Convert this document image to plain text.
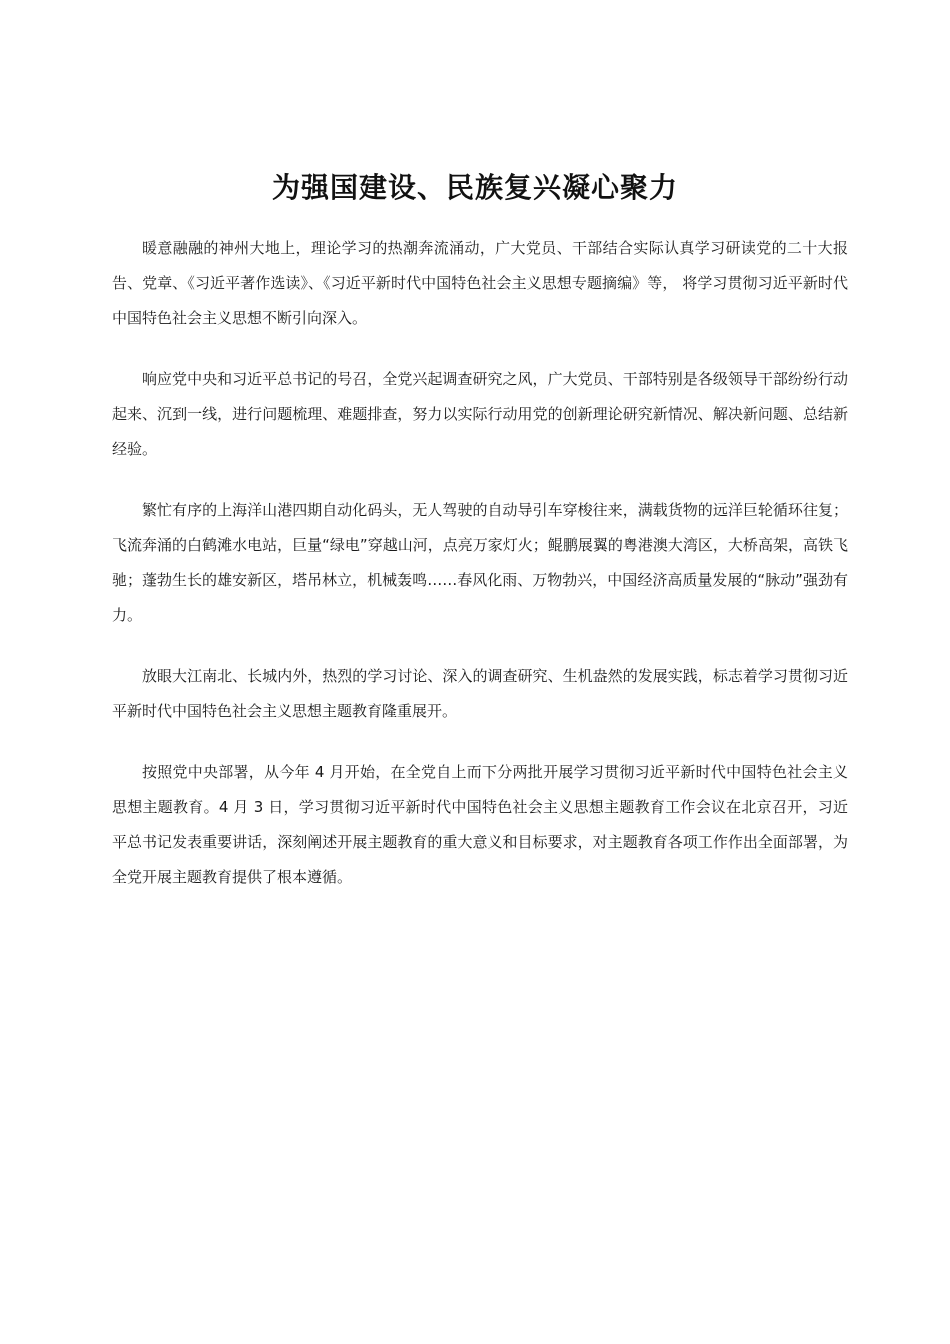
为强国建设、民族复兴凝心聚力

暖意融融的神州大地上，理论学习的热潮奔流涌动，广大党员、干部结合实际认真学习研读党的二十大报告、党章、《习近平著作选读》、《习近平新时代中国特色社会主义思想专题摘编》等， 将学习贯彻习近平新时代中国特色社会主义思想不断引向深入。

响应党中央和习近平总书记的号召，全党兴起调查研究之风，广大党员、干部特别是各级领导干部纷纷行动起来、沉到一线，进行问题梳理、难题排查，努力以实际行动用党的创新理论研究新情况、解决新问题、总结新经验。

繁忙有序的上海洋山港四期自动化码头，无人驾驶的自动导引车穿梭往来，满载货物的远洋巨轮循环往复；飞流奔涌的白鹤滩水电站，巨量“绿电”穿越山河，点亮万家灯火；鲲鹏展翼的粤港澳大湾区，大桥高架，高铁飞驰；蓬勃生长的雄安新区，塔吊林立，机械轰鸣……春风化雨、万物勃兴，中国经济高质量发展的“脉动”强劲有力。

放眼大江南北、长城内外，热烈的学习讨论、深入的调查研究、生机盎然的发展实践，标志着学习贯彻习近平新时代中国特色社会主义思想主题教育隆重展开。

按照党中央部署，从今年 4 月开始，在全党自上而下分两批开展学习贯彻习近平新时代中国特色社会主义思想主题教育。4 月 3 日，学习贯彻习近平新时代中国特色社会主义思想主题教育工作会议在北京召开，习近平总书记发表重要讲话，深刻阐述开展主题教育的重大意义和目标要求，对主题教育各项工作作出全面部署，为全党开展主题教育提供了根本遵循。
